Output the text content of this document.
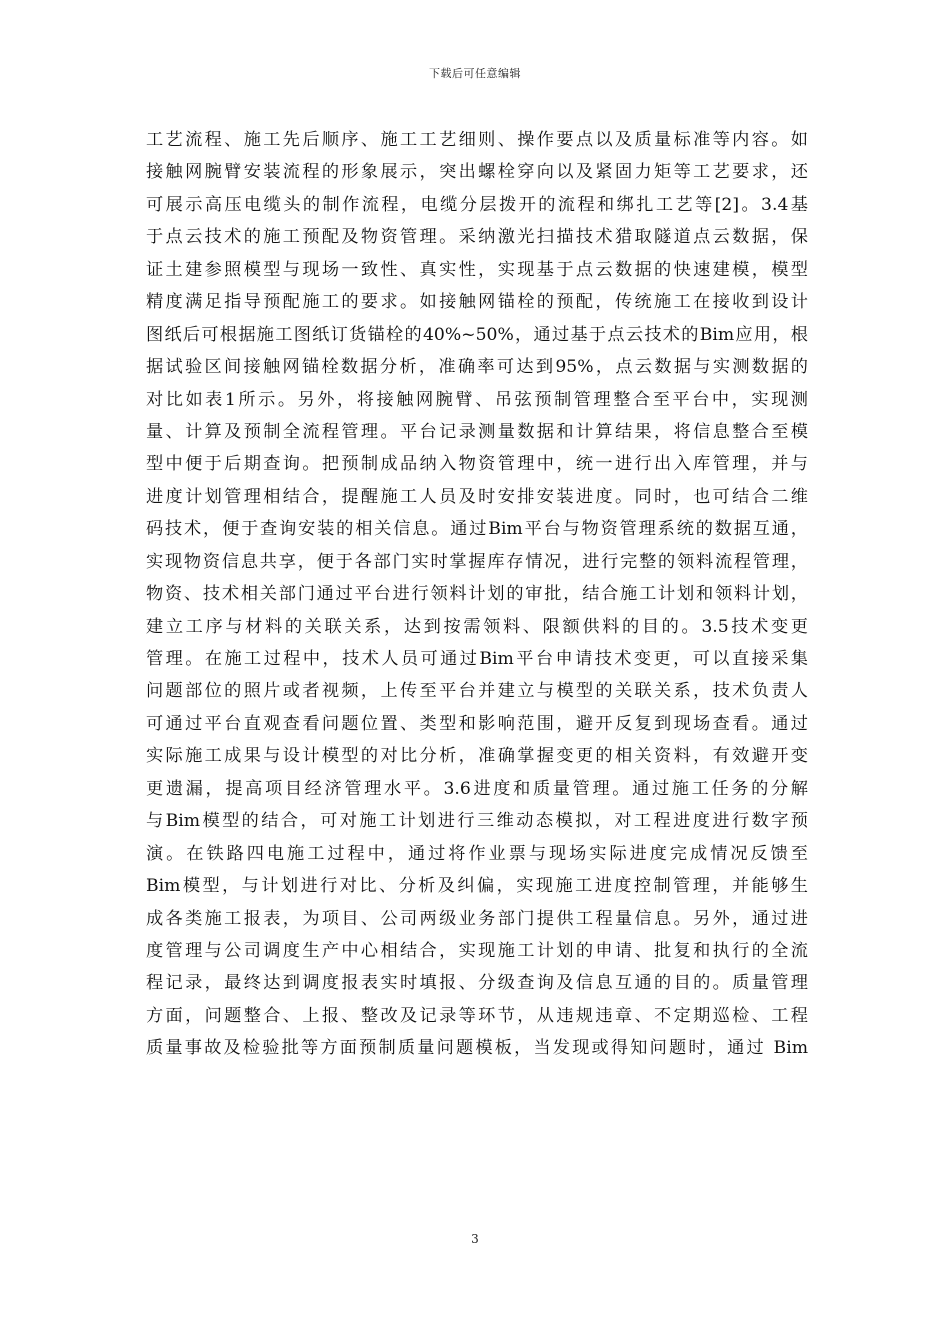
下载后可任意编辑
工艺流程、施工先后顺序、施工工艺细则、操作要点以及质量标准等内容。如
接触网腕臂安装流程的形象展示，突出螺栓穿向以及紧固力矩等工艺要求，还
可展示高压电缆头的制作流程，电缆分层拨开的流程和绑扎工艺等[2]。3.4基
于点云技术的施工预配及物资管理。采纳激光扫描技术猎取隧道点云数据，保
证土建参照模型与现场一致性、真实性，实现基于点云数据的快速建模，模型
精度满足指导预配施工的要求。如接触网锚栓的预配，传统施工在接收到设计
图纸后可根据施工图纸订货锚栓的40%~50%，通过基于点云技术的Bim应用，根
据试验区间接触网锚栓数据分析，准确率可达到95%，点云数据与实测数据的
对比如表1所示。另外，将接触网腕臂、吊弦预制管理整合至平台中，实现测
量、计算及预制全流程管理。平台记录测量数据和计算结果，将信息整合至模
型中便于后期查询。把预制成品纳入物资管理中，统一进行出入库管理，并与
进度计划管理相结合，提醒施工人员及时安排安装进度。同时，也可结合二维
码技术，便于查询安装的相关信息。通过Bim平台与物资管理系统的数据互通，
实现物资信息共享，便于各部门实时掌握库存情况，进行完整的领料流程管理，
物资、技术相关部门通过平台进行领料计划的审批，结合施工计划和领料计划，
建立工序与材料的关联关系，达到按需领料、限额供料的目的。3.5技术变更
管理。在施工过程中，技术人员可通过Bim平台申请技术变更，可以直接采集
问题部位的照片或者视频，上传至平台并建立与模型的关联关系，技术负责人
可通过平台直观查看问题位置、类型和影响范围，避开反复到现场查看。通过
实际施工成果与设计模型的对比分析，准确掌握变更的相关资料，有效避开变
更遗漏，提高项目经济管理水平。3.6进度和质量管理。通过施工任务的分解
与Bim模型的结合，可对施工计划进行三维动态模拟，对工程进度进行数字预
演。在铁路四电施工过程中，通过将作业票与现场实际进度完成情况反馈至
Bim模型，与计划进行对比、分析及纠偏，实现施工进度控制管理，并能够生
成各类施工报表，为项目、公司两级业务部门提供工程量信息。另外，通过进
度管理与公司调度生产中心相结合，实现施工计划的申请、批复和执行的全流
程记录，最终达到调度报表实时填报、分级查询及信息互通的目的。质量管理
方面，问题整合、上报、整改及记录等环节，从违规违章、不定期巡检、工程
质量事故及检验批等方面预制质量问题模板，当发现或得知问题时，通过 Bim
3
